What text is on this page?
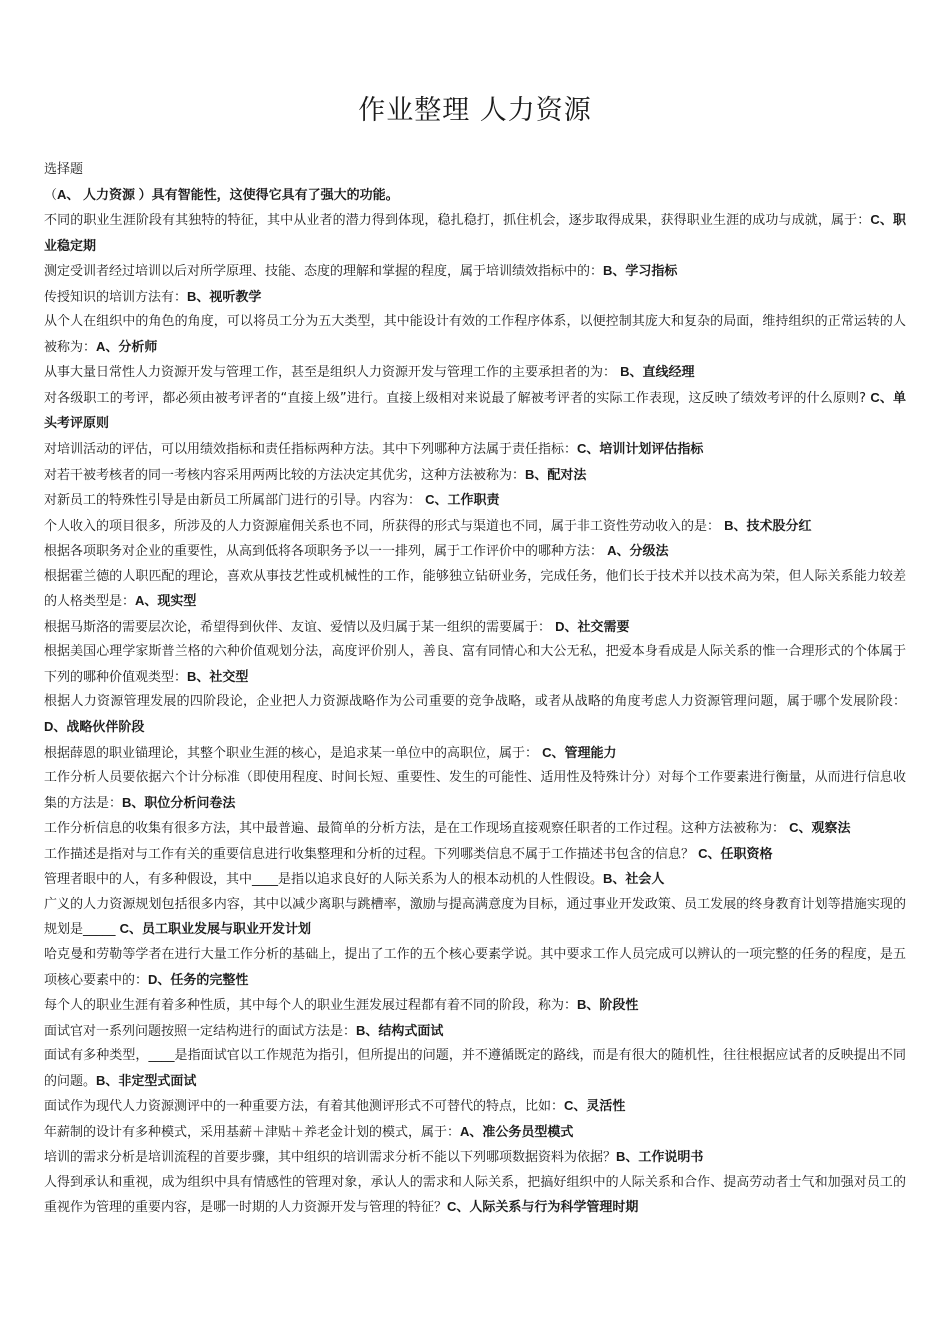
作业整理 人力资源
选择题

（A、 人力资源 ）具有智能性，这使得它具有了强大的功能。

不同的职业生涯阶段有其独特的特征，其中从业者的潜力得到体现，稳扎稳打，抓住机会，逐步取得成果，获得职业生涯的成功与成就，属于：C、职业稳定期

测定受训者经过培训以后对所学原理、技能、态度的理解和掌握的程度，属于培训绩效指标中的：B、学习指标

传授知识的培训方法有：B、视听教学

从个人在组织中的角色的角度，可以将员工分为五大类型，其中能设计有效的工作程序体系，以便控制其庞大和复杂的局面，维持组织的正常运转的人被称为：A、分析师

从事大量日常性人力资源开发与管理工作，甚至是组织人力资源开发与管理工作的主要承担者的为： B、直线经理

对各级职工的考评，都必须由被考评者的“直接上级”进行。直接上级相对来说最了解被考评者的实际工作表现，这反映了绩效考评的什么原则? C、单头考评原则

对培训活动的评估，可以用绩效指标和责任指标两种方法。其中下列哪种方法属于责任指标：C、培训计划评估指标

对若干被考核者的同一考核内容采用两两比较的方法决定其优劣，这种方法被称为：B、配对法

对新员工的特殊性引导是由新员工所属部门进行的引导。内容为： C、工作职责

个人收入的项目很多，所涉及的人力资源雇佣关系也不同，所获得的形式与渠道也不同，属于非工资性劳动收入的是： B、技术股分红

根据各项职务对企业的重要性，从高到低将各项职务予以一一排列，属于工作评价中的哪种方法： A、分级法

根据霍兰德的人职匹配的理论，喜欢从事技艺性或机械性的工作，能够独立钻研业务，完成任务，他们长于技术并以技术高为荣，但人际关系能力较差的人格类型是：A、现实型

根据马斯洛的需要层次论，希望得到伙伴、友谊、爱情以及归属于某一组织的需要属于： D、社交需要

根据美国心理学家斯普兰格的六种价值观划分法，高度评价别人，善良、富有同情心和大公无私，把爱本身看成是人际关系的惟一合理形式的个体属于下列的哪种价值观类型：B、社交型

根据人力资源管理发展的四阶段论，企业把人力资源战略作为公司重要的竞争战略，或者从战略的角度考虑人力资源管理问题，属于哪个发展阶段：D、战略伙伴阶段

根据薛恩的职业锚理论，其整个职业生涯的核心，是追求某一单位中的高职位，属于： C、管理能力

工作分析人员要依据六个计分标准（即使用程度、时间长短、重要性、发生的可能性、适用性及特殊计分）对每个工作要素进行衡量，从而进行信息收集的方法是：B、职位分析问卷法

工作分析信息的收集有很多方法，其中最普遍、最简单的分析方法，是在工作现场直接观察任职者的工作过程。这种方法被称为： C、观察法

工作描述是指对与工作有关的重要信息进行收集整理和分析的过程。下列哪类信息不属于工作描述书包含的信息？ C、任职资格

管理者眼中的人，有多种假设，其中____是指以追求良好的人际关系为人的根本动机的人性假设。B、社会人

广义的人力资源规划包括很多内容，其中以减少离职与跳槽率，激励与提高满意度为目标，通过事业开发政策、员工发展的终身教育计划等措施实现的规划是_____ C、员工职业发展与职业开发计划

哈克曼和劳勒等学者在进行大量工作分析的基础上，提出了工作的五个核心要素学说。其中要求工作人员完成可以辨认的一项完整的任务的程度，是五项核心要素中的：D、任务的完整性

每个人的职业生涯有着多种性质，其中每个人的职业生涯发展过程都有着不同的阶段，称为：B、阶段性

面试官对一系列问题按照一定结构进行的面试方法是：B、结构式面试

面试有多种类型，____是指面试官以工作规范为指引，但所提出的问题，并不遵循既定的路线，而是有很大的随机性，往往根据应试者的反映提出不同的问题。B、非定型式面试

面试作为现代人力资源测评中的一种重要方法，有着其他测评形式不可替代的特点，比如：C、灵活性

年薪制的设计有多种模式，采用基薪＋津贴＋养老金计划的模式，属于：A、准公务员型模式

培训的需求分析是培训流程的首要步骤，其中组织的培训需求分析不能以下列哪项数据资料为依据？B、工作说明书

人得到承认和重视，成为组织中具有情感性的管理对象，承认人的需求和人际关系，把搞好组织中的人际关系和合作、提高劳动者士气和加强对员工的重视作为管理的重要内容，是哪一时期的人力资源开发与管理的特征？C、人际关系与行为科学管理时期
